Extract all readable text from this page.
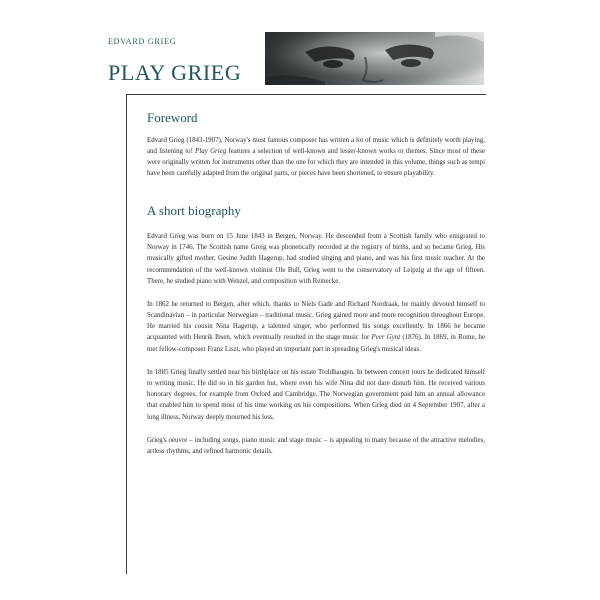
EDVARD GRIEG
PLAY GRIEG
Foreword

Edvard Grieg (1843-1907), Norway's most famous composer has written a lot of music which is definitely worth playing, and listening to! Play Grieg features a selection of well-known and lesser-known works or themes. Since most of these were originally written for instruments other than the one for which they are intended in this volume, things such as tempi have been carefully adapted from the original parts, or pieces have been shortened, to ensure playability.

A short biography

Edvard Grieg was born on 15 June 1843 in Bergen, Norway. He descended from a Scottish family who emigrated to Norway in 1746. The Scottish name Greig was phonetically recorded at the registry of births, and so became Grieg. His musically gifted mother, Gesine Judith Hagerup, had studied singing and piano, and was his first music teacher. At the recommendation of the well-known violinist Ole Bull, Grieg went to the conservatory of Leipzig at the age of fifteen. There, he studied piano with Wenzel, and composition with Reinecke.

In 1862 he returned to Bergen, after which, thanks to Niels Gade and Richard Nordraak, he mainly devoted himself to Scandinavian – in particular Norwegian – traditional music. Grieg gained more and more recognition throughout Europe. He married his cousin Nina Hagerup, a talented singer, who performed his songs excellently. In 1866 he became acquainted with Henrik Ibsen, which eventually resulted in the stage music for Peer Gynt (1876). In 1869, in Rome, he met fellow-composer Franz Liszt, who played an important part in spreading Grieg's musical ideas.

In 1885 Grieg finally settled near his birthplace on his estate Troldhaugen. In between concert tours he dedicated himself to writing music. He did so in his garden hut, where even his wife Nina did not dare disturb him. He received various honorary degrees, for example from Oxford and Cambridge. The Norwegian government paid him an annual allowance that enabled him to spend most of his time working on his compositions. When Grieg died on 4 September 1907, after a long illness, Norway deeply mourned his loss.

Grieg's oeuvre – including songs, piano music and stage music – is appealing to many because of the attractive melodies, artless rhythms, and refined harmonic details.
